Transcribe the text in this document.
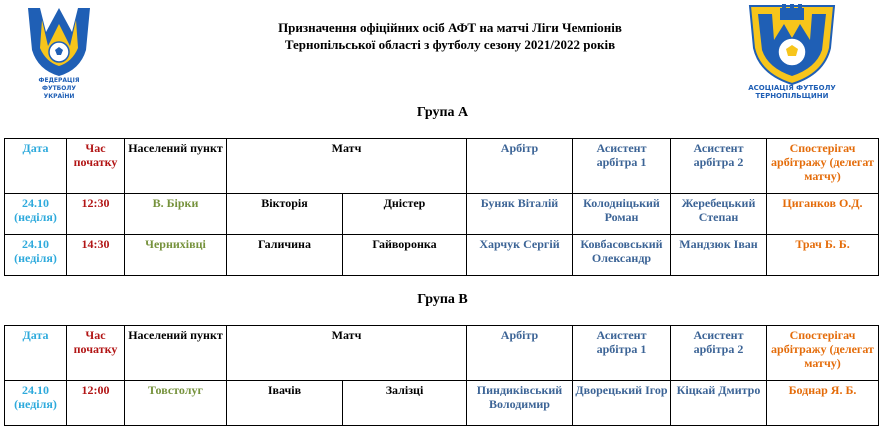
ФЕДЕРАЦІЯ
ФУТБОЛУ
УКРАЇНИ
АСОЦІАЦІЯ ФУТБОЛУ
ТЕРНОПІЛЬЩИНИ
Призначення офіційних осіб АФТ на матчі Ліги Чемпіонів
Тернопільської області з футболу сезону 2021/2022 років
Група А
Дата	Час початку	Населений пункт	Матч		Арбітр	Асистент арбітра 1	Асистент арбітра 2	Спостерігач арбітражу (делегат матчу)
24.10 (неділя)	12:30	В. Бірки	Вікторія	Дністер	Буняк Віталій	Колодніцький Роман	Жеребецький Степан	Циганков О.Д.
24.10 (неділя)	14:30	Чернихівці	Галичина	Гайворонка	Харчук Сергій	Ковбасовський Олександр	Мандзюк Іван	Трач Б. Б.
Група В
Дата	Час початку	Населений пункт	Матч		Арбітр	Асистент арбітра 1	Асистент арбітра 2	Спостерігач арбітражу (делегат матчу)
24.10 (неділя)	12:00	Товстолуг	Івачів	Залізці	Пиндиківський Володимир	Дворецький Ігор	Кіцкай Дмитро	Боднар Я. Б.
